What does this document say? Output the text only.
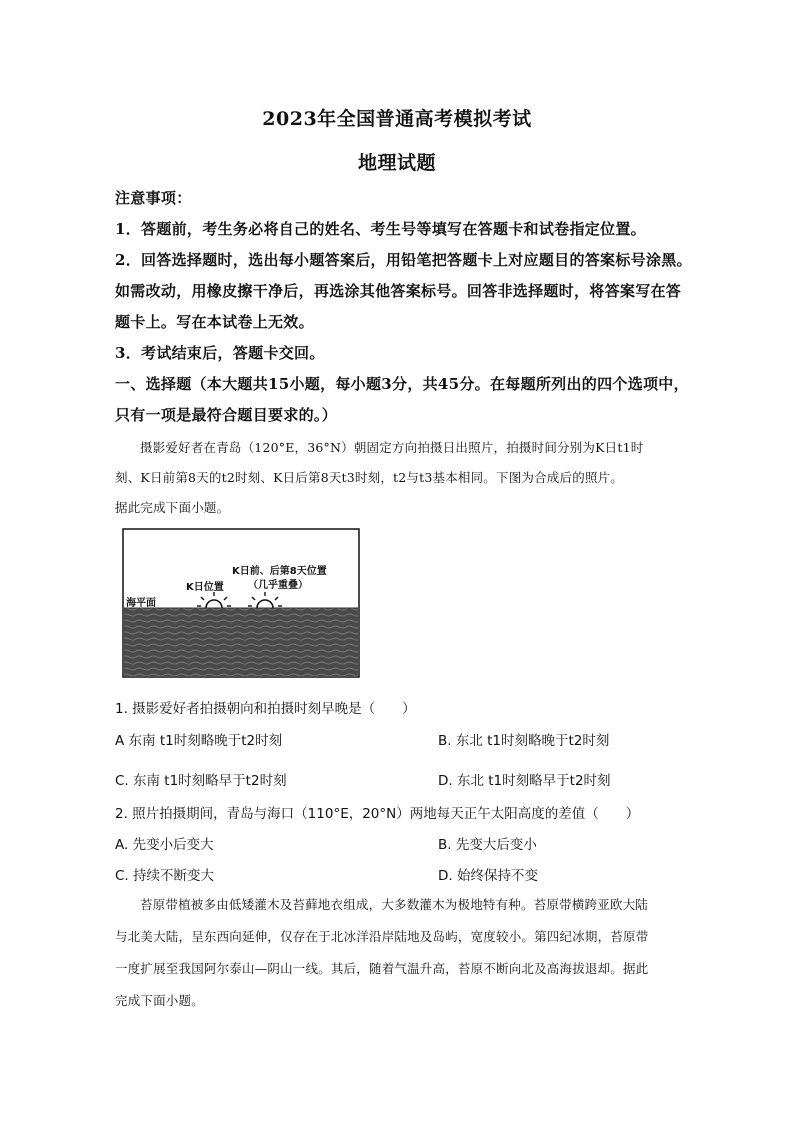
2023年全国普通高考模拟考试
地理试题
注意事项：
1．答题前，考生务必将自己的姓名、考生号等填写在答题卡和试卷指定位置。
2．回答选择题时，选出每小题答案后，用铅笔把答题卡上对应题目的答案标号涂黑。
如需改动，用橡皮擦干净后，再选涂其他答案标号。回答非选择题时，将答案写在答
题卡上。写在本试卷上无效。
3．考试结束后，答题卡交回。
一、选择题（本大题共15小题，每小题3分，共45分。在每题所列出的四个选项中，
只有一项是最符合题目要求的。）
摄影爱好者在青岛（120°E，36°N）朝固定方向拍摄日出照片，拍摄时间分别为K日t1时
刻、K日前第8天的t2时刻、K日后第8天t3时刻，t2与t3基本相同。下图为合成后的照片。
据此完成下面小题。
K日前、后第8天位置
（几乎重叠）
K日位置
海平面
1. 摄影爱好者拍摄朝向和拍摄时刻早晚是（　　）
A 东南 t1时刻略晚于t2时刻	B. 东北 t1时刻略晚于t2时刻
C. 东南 t1时刻略早于t2时刻	D. 东北 t1时刻略早于t2时刻
2. 照片拍摄期间，青岛与海口（110°E，20°N）两地每天正午太阳高度的差值（　　）
A. 先变小后变大	B. 先变大后变小
C. 持续不断变大	D. 始终保持不变
苔原带植被多由低矮灌木及苔藓地衣组成，大多数灌木为极地特有种。苔原带横跨亚欧大陆
与北美大陆，呈东西向延伸，仅存在于北冰洋沿岸陆地及岛屿，宽度较小。第四纪冰期，苔原带
一度扩展至我国阿尔泰山—阴山一线。其后，随着气温升高，苔原不断向北及高海拔退却。据此
完成下面小题。
